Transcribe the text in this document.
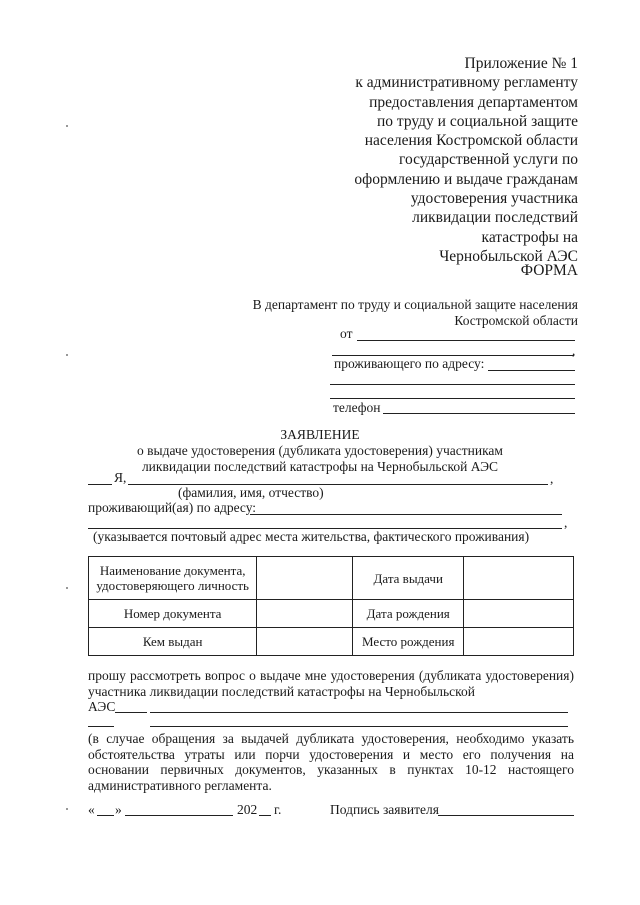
Приложение № 1
к административному регламенту
предоставления департаментом
по труду и социальной защите
населения Костромской области
государственной услуги по
оформлению и выдаче гражданам
удостоверения участника
ликвидации последствий
катастрофы на
Чернобыльской АЭС
ФОРМА
В департамент по труду и социальной защите населения
Костромской области
от
,
проживающего по адресу:
телефон
ЗАЯВЛЕНИЕ
о выдаче удостоверения (дубликата удостоверения) участникам
ликвидации последствий катастрофы на Чернобыльской АЭС
Я,	,
(фамилия, имя, отчество)
проживающий(ая) по адресу:
,
(указывается почтовый адрес места жительства, фактического проживания)
Наименование документа, удостоверяющего личность		Дата выдачи	
Номер документа		Дата рождения	
Кем выдан		Место рождения	
прошу рассмотреть вопрос о выдаче мне удостоверения (дубликата удостоверения) участника ликвидации последствий катастрофы на Чернобыльской
АЭС
(в случае обращения за выдачей дубликата удостоверения, необходимо указать обстоятельства утраты или порчи удостоверения и место его получения на основании первичных документов, указанных в пунктах 10-12 настоящего административного регламента.
« »	202 г.	Подпись заявителя
